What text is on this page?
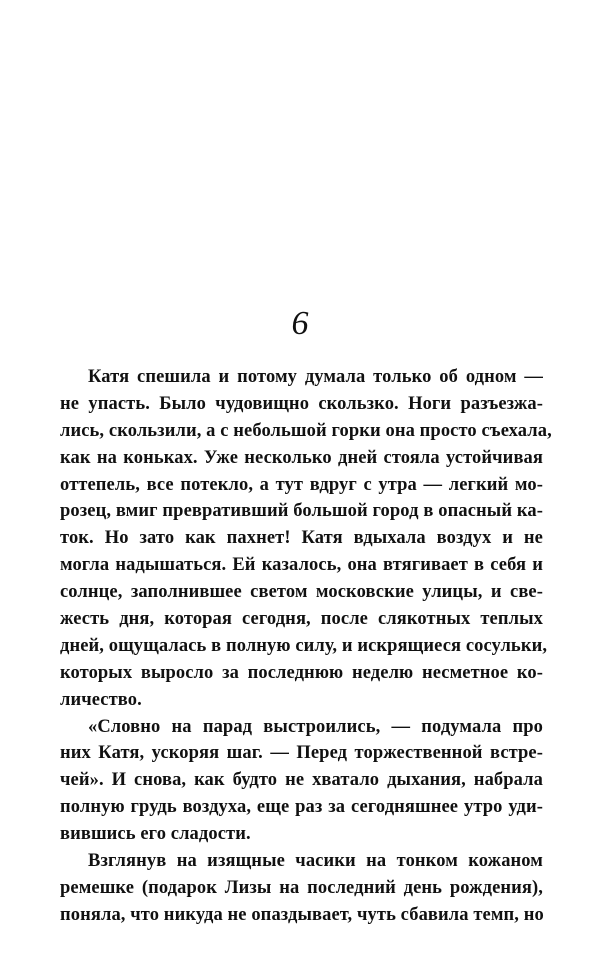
6
Катя спешила и потому думала только об одном —
не упасть. Было чудовищно скользко. Ноги разъезжа-
лись, скользили, а с небольшой горки она просто съехала,
как на коньках. Уже несколько дней стояла устойчивая
оттепель, все потекло, а тут вдруг с утра — легкий мо-
розец, вмиг превративший большой город в опасный ка-
ток. Но зато как пахнет! Катя вдыхала воздух и не
могла надышаться. Ей казалось, она втягивает в себя и
солнце, заполнившее светом московские улицы, и све-
жесть дня, которая сегодня, после слякотных теплых
дней, ощущалась в полную силу, и искрящиеся сосульки,
которых выросло за последнюю неделю несметное ко-
личество.
«Словно на парад выстроились, — подумала про
них Катя, ускоряя шаг. — Перед торжественной встре-
чей». И снова, как будто не хватало дыхания, набрала
полную грудь воздуха, еще раз за сегодняшнее утро уди-
вившись его сладости.
Взглянув на изящные часики на тонком кожаном
ремешке (подарок Лизы на последний день рождения),
поняла, что никуда не опаздывает, чуть сбавила темп, но
